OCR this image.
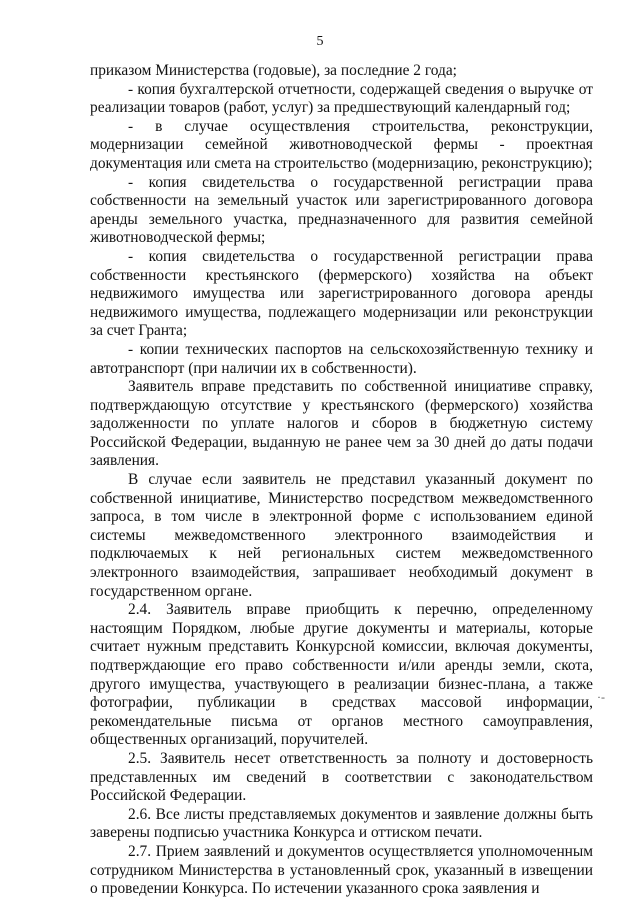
5

приказом Министерства (годовые), за последние 2 года;

- копия бухгалтерской отчетности, содержащей сведения о выручке от реализации товаров (работ, услуг) за предшествующий календарный год;

- в случае осуществления строительства, реконструкции, модернизации семейной животноводческой фермы - проектная документация или смета на строительство (модернизацию, реконструкцию);

- копия свидетельства о государственной регистрации права собственности на земельный участок или зарегистрированного договора аренды земельного участка, предназначенного для развития семейной животноводческой фермы;

- копия свидетельства о государственной регистрации права собственности крестьянского (фермерского) хозяйства на объект недвижимого имущества или зарегистрированного договора аренды недвижимого имущества, подлежащего модернизации или реконструкции за счет Гранта;

- копии технических паспортов на сельскохозяйственную технику и автотранспорт (при наличии их в собственности).

Заявитель вправе представить по собственной инициативе справку, подтверждающую отсутствие у крестьянского (фермерского) хозяйства задолженности по уплате налогов и сборов в бюджетную систему Российской Федерации, выданную не ранее чем за 30 дней до даты подачи заявления.

В случае если заявитель не представил указанный документ по собственной инициативе, Министерство посредством межведомственного запроса, в том числе в электронной форме с использованием единой системы межведомственного электронного взаимодействия и подключаемых к ней региональных систем межведомственного электронного взаимодействия, запрашивает необходимый документ в государственном органе.

2.4. Заявитель вправе приобщить к перечню, определенному настоящим Порядком, любые другие документы и материалы, которые считает нужным представить Конкурсной комиссии, включая документы, подтверждающие его право собственности и/или аренды земли, скота, другого имущества, участвующего в реализации бизнес-плана, а также фотографии, публикации в средствах массовой информации, рекомендательные письма от органов местного самоуправления, общественных организаций, поручителей.

2.5. Заявитель несет ответственность за полноту и достоверность представленных им сведений в соответствии с законодательством Российской Федерации.

2.6. Все листы представляемых документов и заявление должны быть заверены подписью участника Конкурса и оттиском печати.

2.7. Прием заявлений и документов осуществляется уполномоченным сотрудником Министерства в установленный срок, указанный в извещении о проведении Конкурса. По истечении указанного срока заявления и

·-
